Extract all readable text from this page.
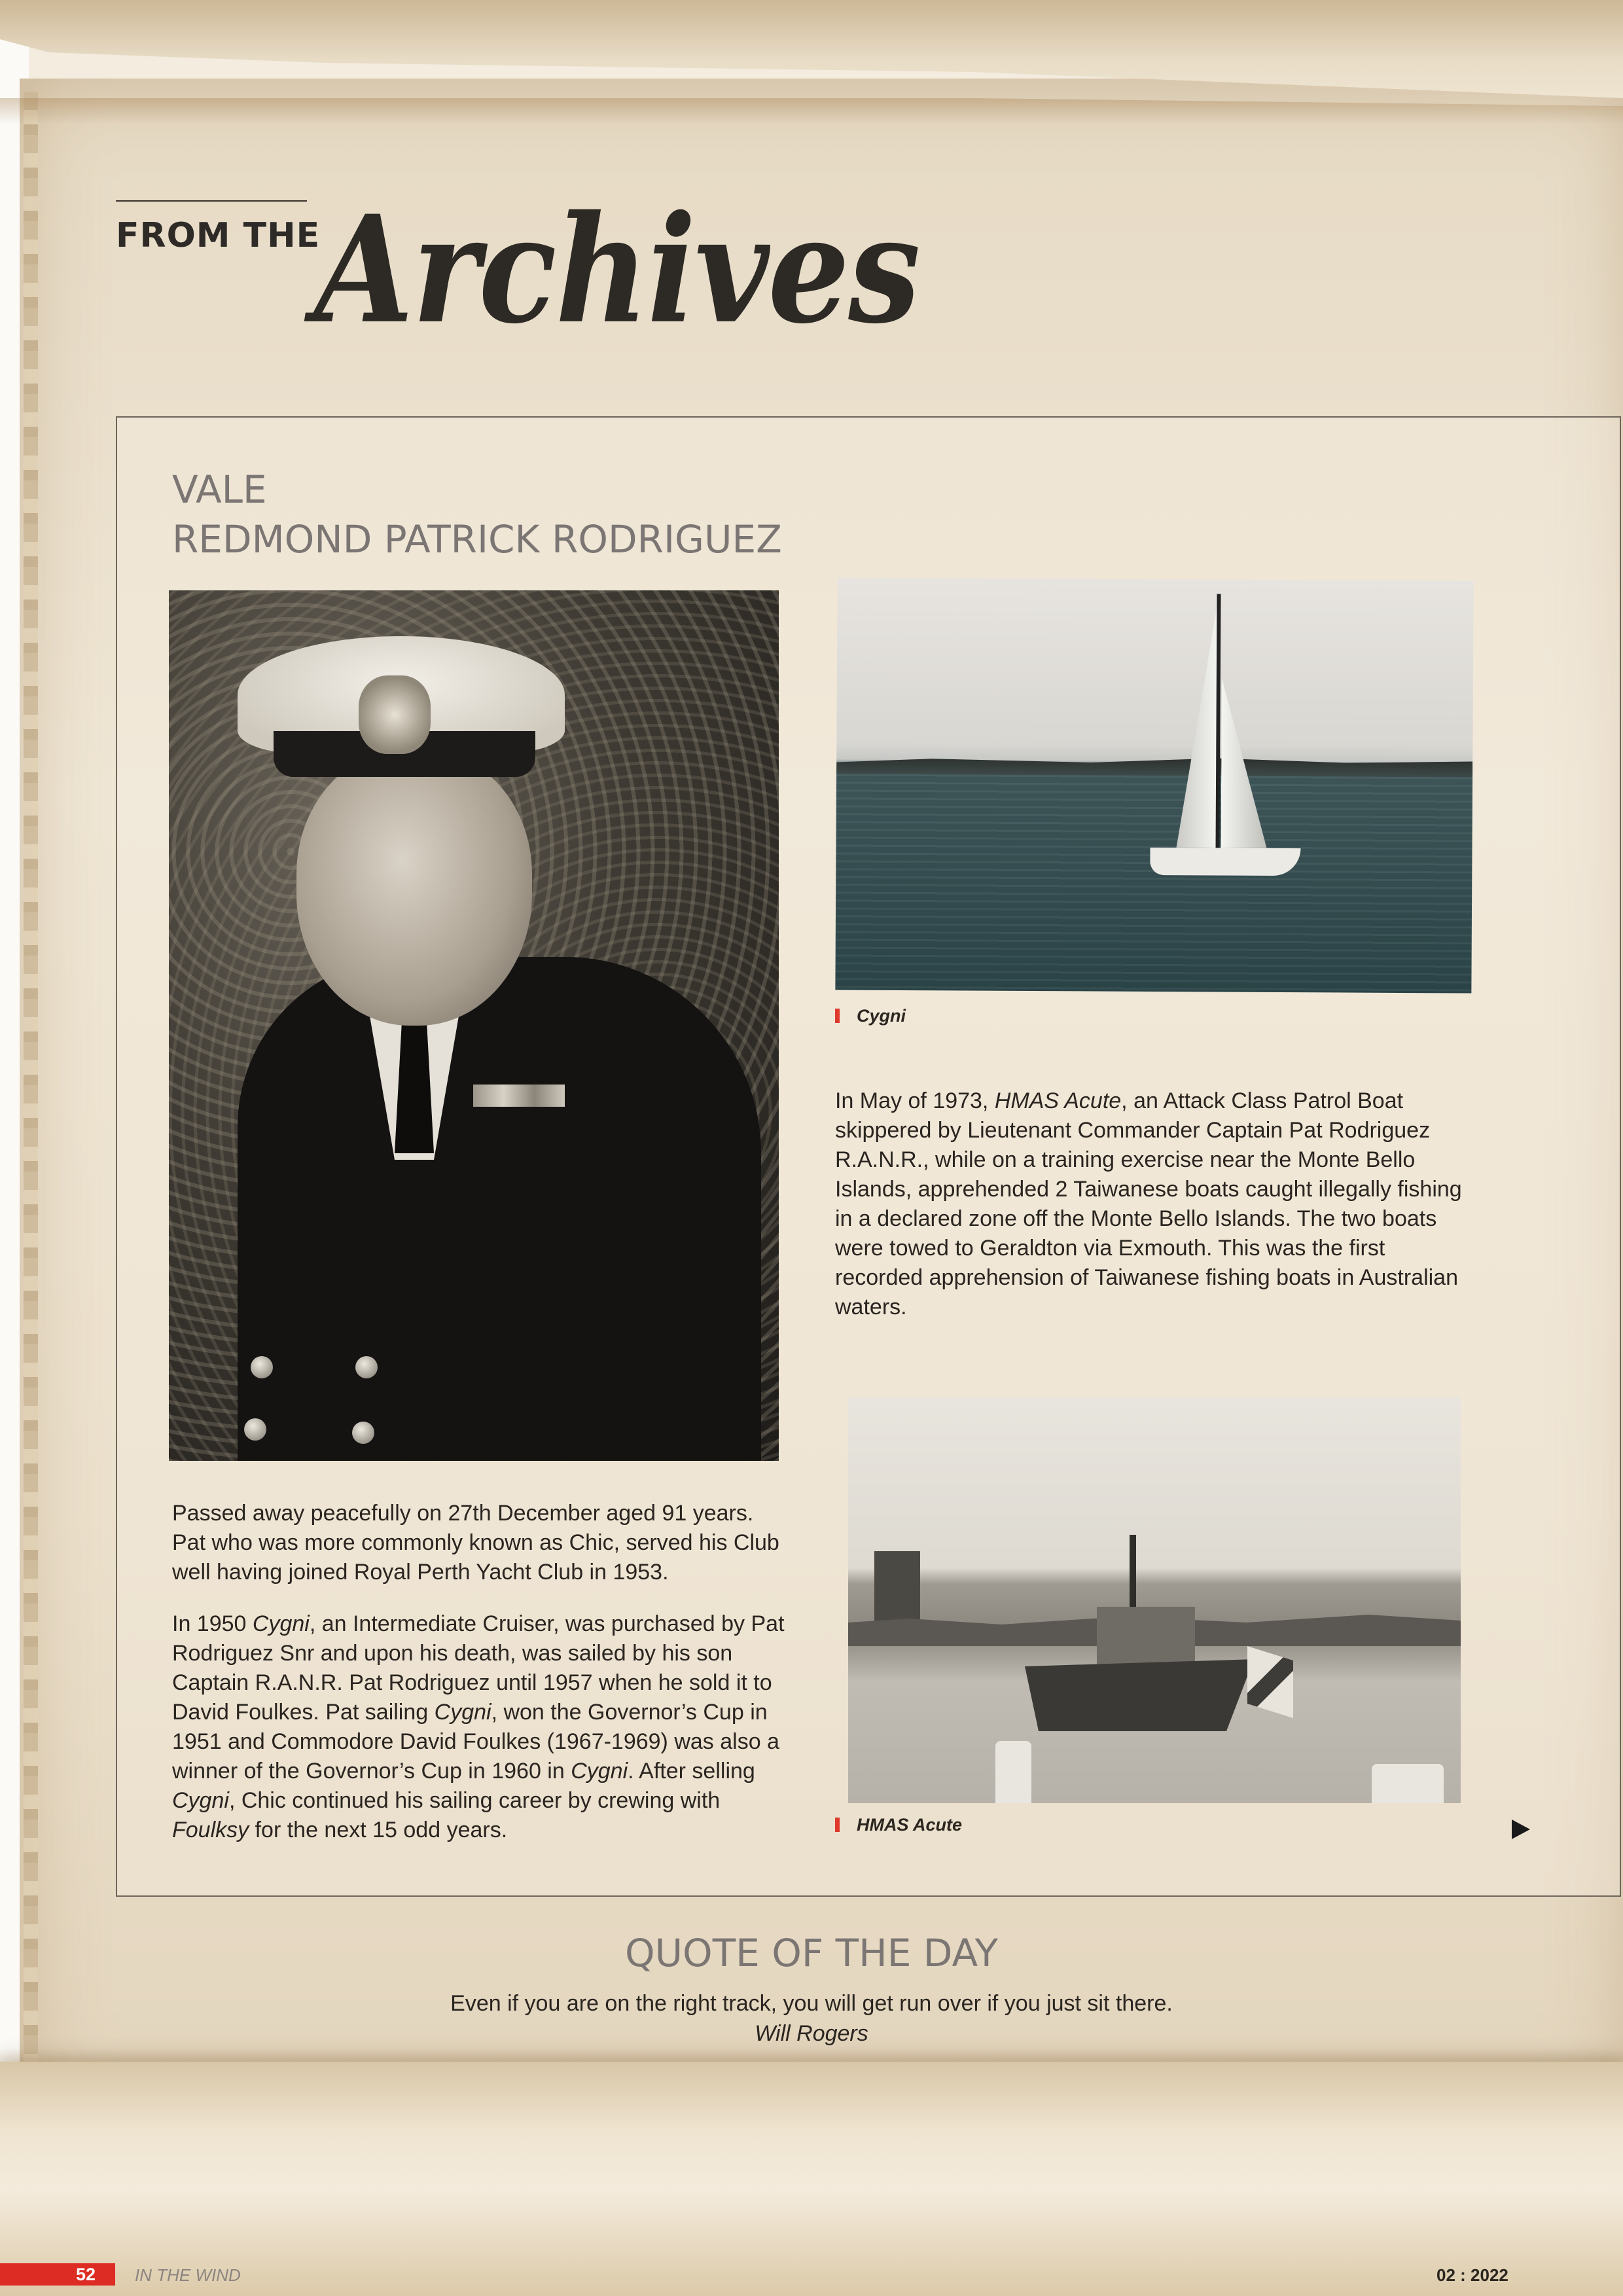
FROM THE
Archives
VALE
REDMOND PATRICK RODRIGUEZ
Cygni

In May of 1973, HMAS Acute, an Attack Class Patrol Boat skippered by Lieutenant Commander Captain Pat Rodriguez R.A.N.R., while on a training exercise near the Monte Bello Islands, apprehended 2 Taiwanese boats caught illegally fishing in a declared zone off the Monte Bello Islands. The two boats were towed to Geraldton via Exmouth. This was the first recorded apprehension of Taiwanese fishing boats in Australian waters.

HMAS Acute

Passed away peacefully on 27th December aged 91 years. Pat who was more commonly known as Chic, served his Club well having joined Royal Perth Yacht Club in 1953.

In 1950 Cygni, an Intermediate Cruiser, was purchased by Pat Rodriguez Snr and upon his death, was sailed by his son Captain R.A.N.R. Pat Rodriguez until 1957 when he sold it to David Foulkes. Pat sailing Cygni, won the Governor’s Cup in 1951 and Commodore David Foulkes (1967-1969) was also a winner of the Governor’s Cup in 1960 in Cygni. After selling Cygni, Chic continued his sailing career by crewing with Foulksy for the next 15 odd years.

QUOTE OF THE DAY
Even if you are on the right track, you will get run over if you just sit there.
Will Rogers
52 IN THE WIND	02 : 2022
